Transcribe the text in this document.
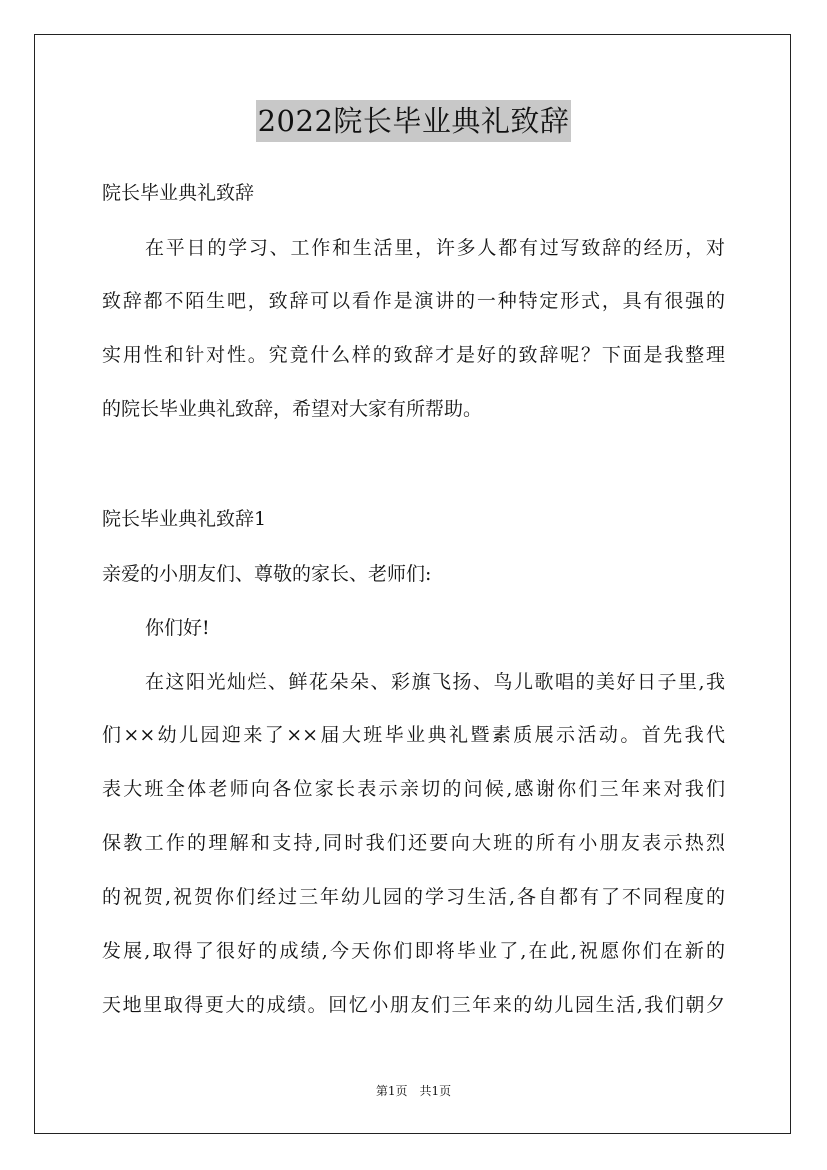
2022院长毕业典礼致辞
院长毕业典礼致辞
在平日的学习、工作和生活里，许多人都有过写致辞的经历，对
致辞都不陌生吧，致辞可以看作是演讲的一种特定形式，具有很强的
实用性和针对性。究竟什么样的致辞才是好的致辞呢？下面是我整理
的院长毕业典礼致辞，希望对大家有所帮助。
院长毕业典礼致辞1
亲爱的小朋友们、尊敬的家长、老师们:
你们好!
在这阳光灿烂、鲜花朵朵、彩旗飞扬、鸟儿歌唱的美好日子里,我
们××幼儿园迎来了××届大班毕业典礼暨素质展示活动。首先我代
表大班全体老师向各位家长表示亲切的问候,感谢你们三年来对我们
保教工作的理解和支持,同时我们还要向大班的所有小朋友表示热烈
的祝贺,祝贺你们经过三年幼儿园的学习生活,各自都有了不同程度的
发展,取得了很好的成绩,今天你们即将毕业了,在此,祝愿你们在新的
天地里取得更大的成绩。回忆小朋友们三年来的幼儿园生活,我们朝夕
第1页　共1页
